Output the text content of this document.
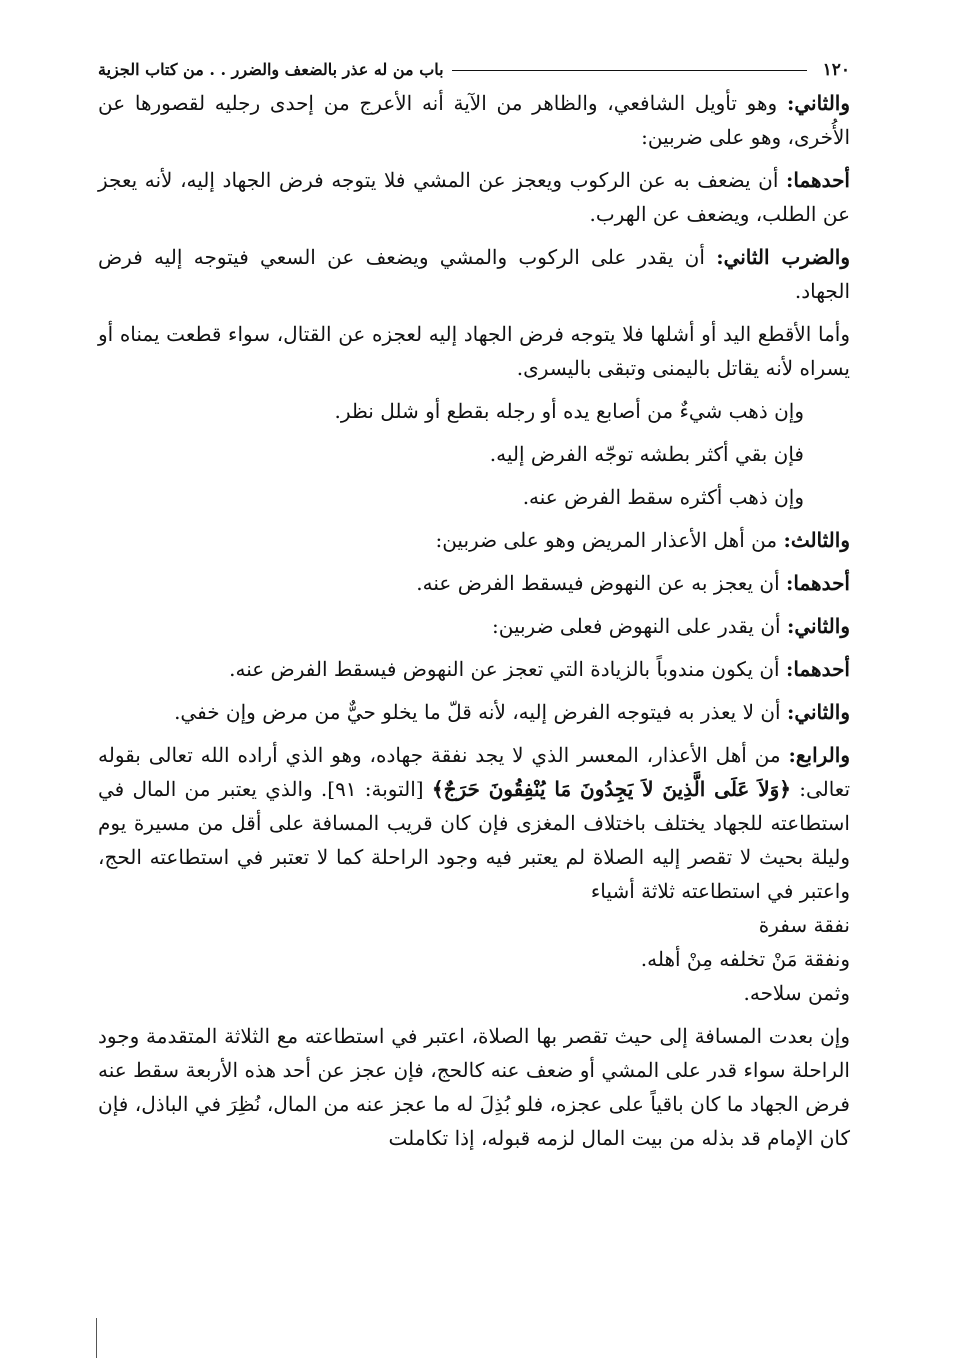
١٢٠
باب من له عذر بالضعف والضرر . . من كتاب الجزية

والثاني: وهو تأويل الشافعي، والظاهر من الآية أنه الأعرج من إحدى رجليه لقصورها عن الأُخرى، وهو على ضربين:

أحدهما: أن يضعف به عن الركوب ويعجز عن المشي فلا يتوجه فرض الجهاد إليه، لأنه يعجز عن الطلب، ويضعف عن الهرب.

والضرب الثاني: أن يقدر على الركوب والمشي ويضعف عن السعي فيتوجه إليه فرض الجهاد.

وأما الأقطع اليد أو أشلها فلا يتوجه فرض الجهاد إليه لعجزه عن القتال، سواء قطعت يمناه أو يسراه لأنه يقاتل باليمنى وتبقى باليسرى.

وإن ذهب شيءٌ من أصابع يده أو رجله بقطع أو شلل نظر.

فإن بقي أكثر بطشه توجّه الفرض إليه.

وإن ذهب أكثره سقط الفرض عنه.

والثالث: من أهل الأعذار المريض وهو على ضربين:

أحدهما: أن يعجز به عن النهوض فيسقط الفرض عنه.

والثاني: أن يقدر على النهوض فعلى ضربين:

أحدهما: أن يكون مندوباً بالزيادة التي تعجز عن النهوض فيسقط الفرض عنه.

والثاني: أن لا يعذر به فيتوجه الفرض إليه، لأنه قلّ ما يخلو حيٌّ من مرض وإن خفي.

والرابع: من أهل الأعذار، المعسر الذي لا يجد نفقة جهاده، وهو الذي أراده الله تعالى بقوله تعالى: ﴿وَلاَ عَلَى الَّذِينَ لاَ يَجِدُونَ مَا يُنْفِقُونَ حَرَجٌ﴾ [التوبة: ٩١]. والذي يعتبر من المال في استطاعته للجهاد يختلف باختلاف المغزى فإن كان قريب المسافة على أقل من مسيرة يوم وليلة بحيث لا تقصر إليه الصلاة لم يعتبر فيه وجود الراحلة كما لا تعتبر في استطاعته الحج، واعتبر في استطاعته ثلاثة أشياء

نفقة سفرة
ونفقة مَنْ تخلفه مِنْ أهله.
وثمن سلاحه.

وإن بعدت المسافة إلى حيث تقصر بها الصلاة، اعتبر في استطاعته مع الثلاثة المتقدمة وجود الراحلة سواء قدر على المشي أو ضعف عنه كالحج، فإن عجز عن أحد هذه الأربعة سقط عنه فرض الجهاد ما كان باقياً على عجزه، فلو بُذِلَ له ما عجز عنه من المال، نُظِرَ في الباذل، فإن كان الإمام قد بذله من بيت المال لزمه قبوله، إذا تكاملت
